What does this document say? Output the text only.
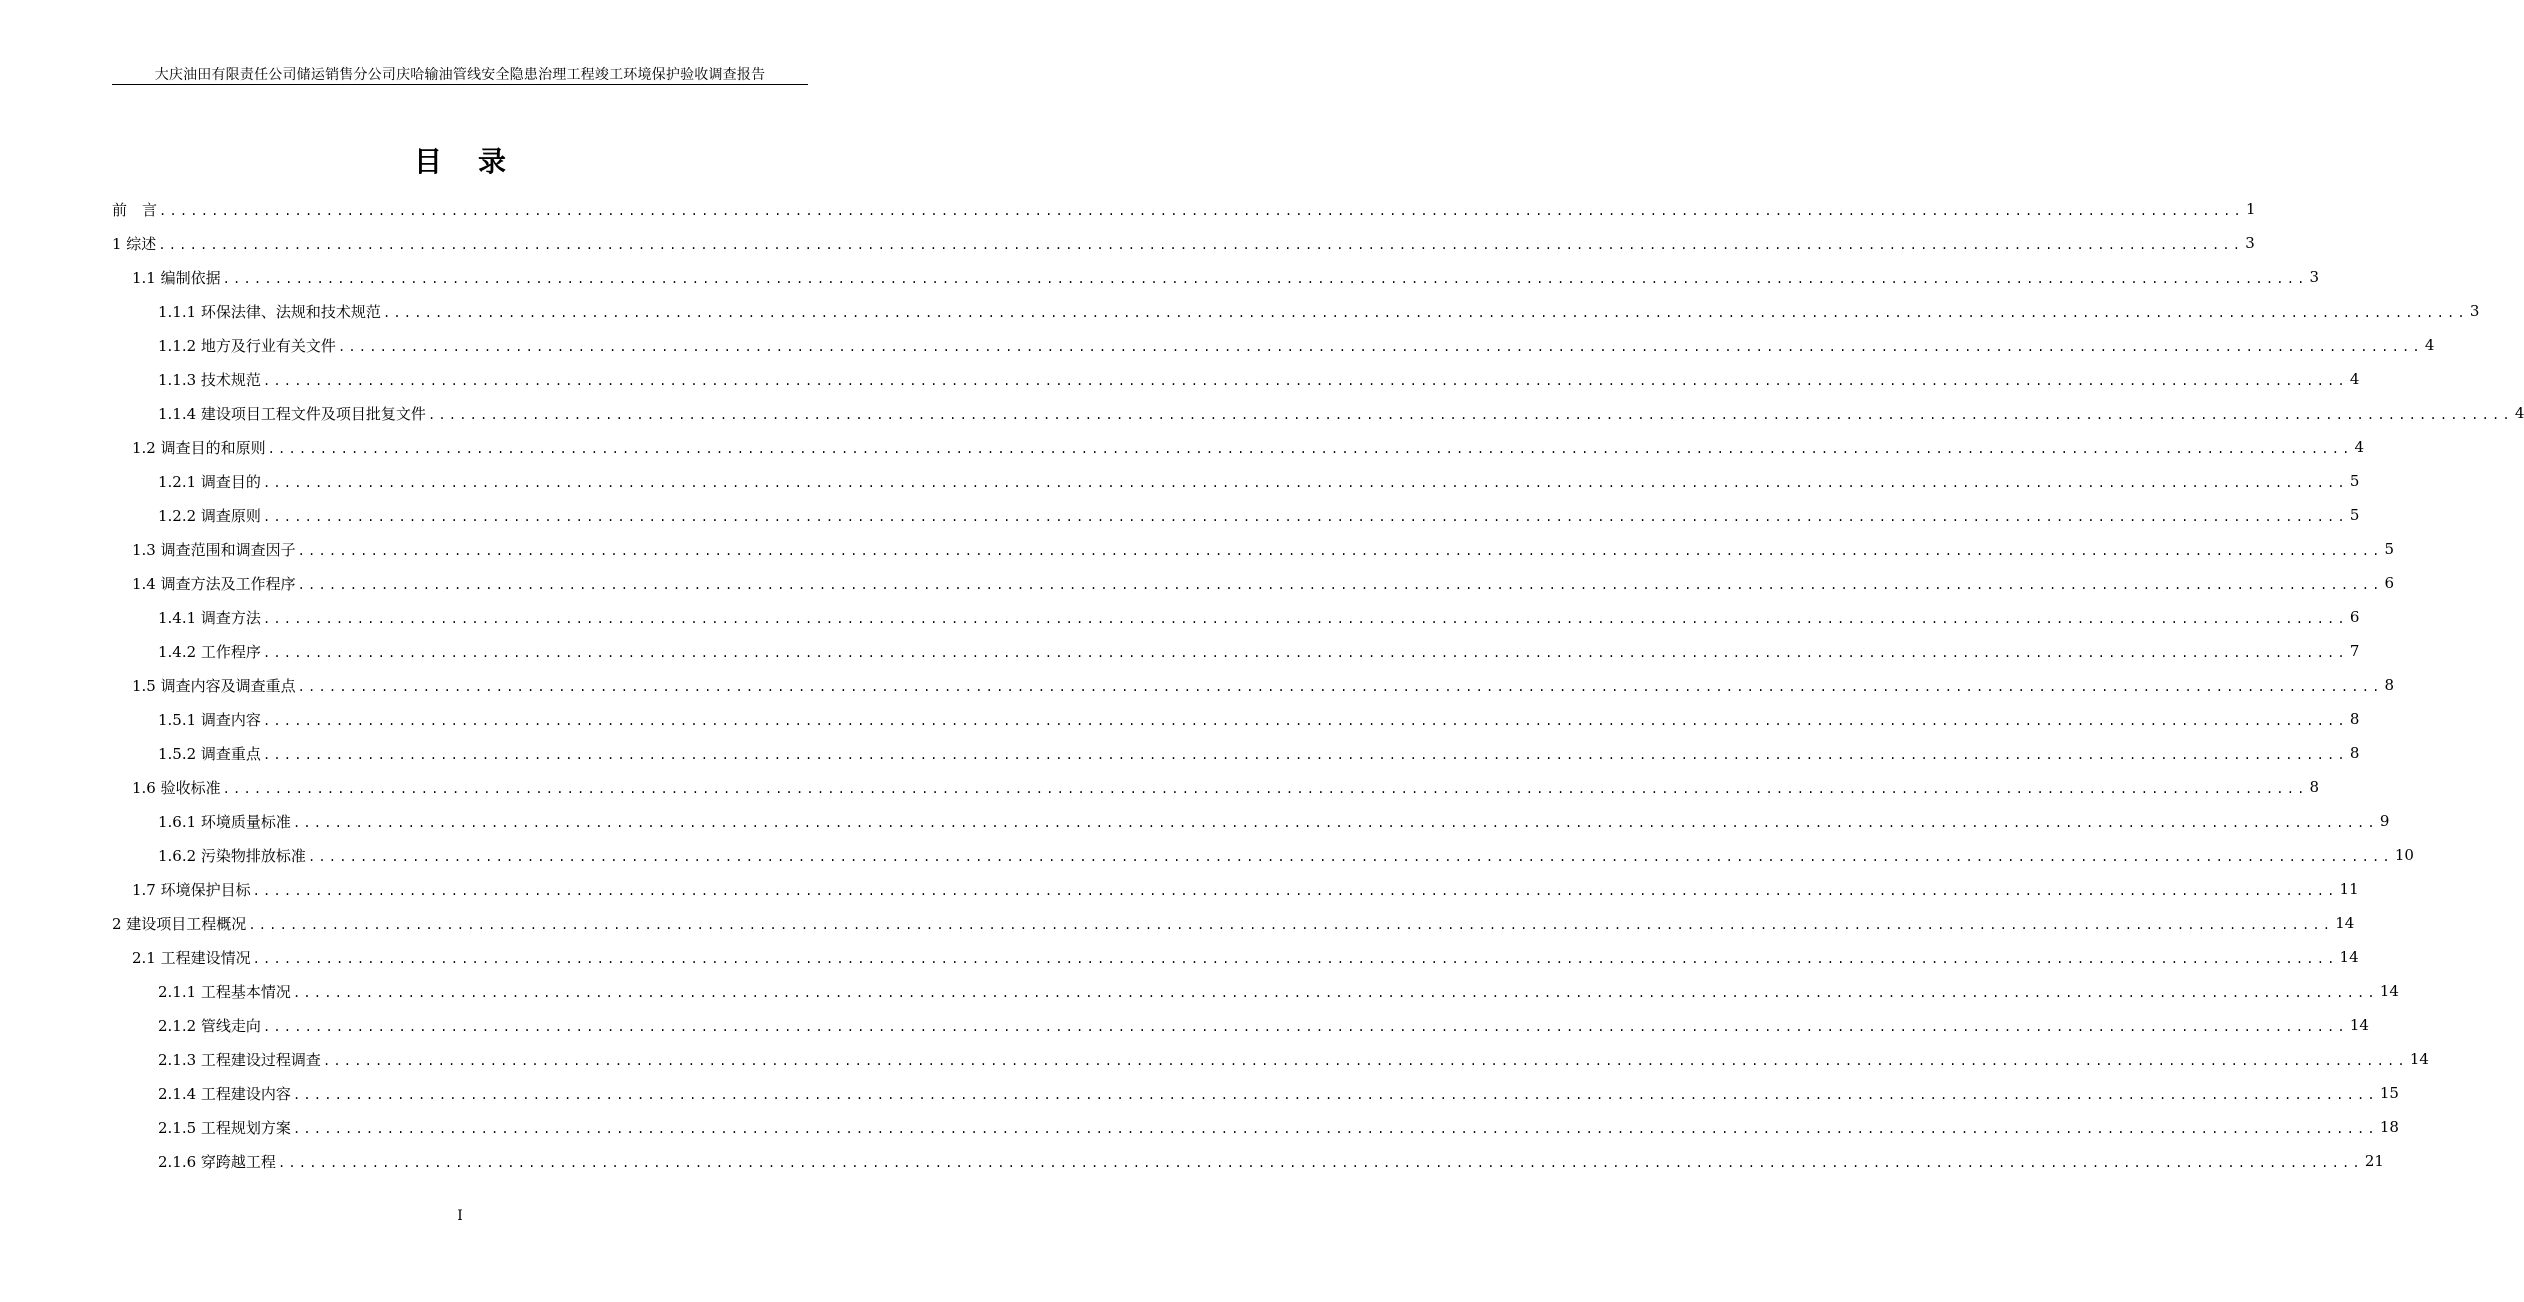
大庆油田有限责任公司储运销售分公司庆哈输油管线安全隐患治理工程竣工环境保护验收调查报告
目录
前　言 ........................................................................................................................................................................................................ 1
1 综述 ........................................................................................................................................................................................................ 3
1.1 编制依据 ........................................................................................................................................................................................................ 3
1.1.1 环保法律、法规和技术规范 ........................................................................................................................................................................................................ 3
1.1.2 地方及行业有关文件 ........................................................................................................................................................................................................ 4
1.1.3 技术规范 ........................................................................................................................................................................................................ 4
1.1.4 建设项目工程文件及项目批复文件 ........................................................................................................................................................................................................ 4
1.2 调查目的和原则 ........................................................................................................................................................................................................ 4
1.2.1 调查目的 ........................................................................................................................................................................................................ 5
1.2.2 调查原则 ........................................................................................................................................................................................................ 5
1.3 调查范围和调查因子 ........................................................................................................................................................................................................ 5
1.4 调查方法及工作程序 ........................................................................................................................................................................................................ 6
1.4.1 调查方法 ........................................................................................................................................................................................................ 6
1.4.2 工作程序 ........................................................................................................................................................................................................ 7
1.5 调查内容及调查重点 ........................................................................................................................................................................................................ 8
1.5.1 调查内容 ........................................................................................................................................................................................................ 8
1.5.2 调查重点 ........................................................................................................................................................................................................ 8
1.6 验收标准 ........................................................................................................................................................................................................ 8
1.6.1 环境质量标准 ........................................................................................................................................................................................................ 9
1.6.2 污染物排放标准 ........................................................................................................................................................................................................ 10
1.7 环境保护目标 ........................................................................................................................................................................................................ 11
2 建设项目工程概况 ........................................................................................................................................................................................................ 14
2.1 工程建设情况 ........................................................................................................................................................................................................ 14
2.1.1 工程基本情况 ........................................................................................................................................................................................................ 14
2.1.2 管线走向 ........................................................................................................................................................................................................ 14
2.1.3 工程建设过程调查 ........................................................................................................................................................................................................ 14
2.1.4 工程建设内容 ........................................................................................................................................................................................................ 15
2.1.5 工程规划方案 ........................................................................................................................................................................................................ 18
2.1.6 穿跨越工程 ........................................................................................................................................................................................................ 21
I
